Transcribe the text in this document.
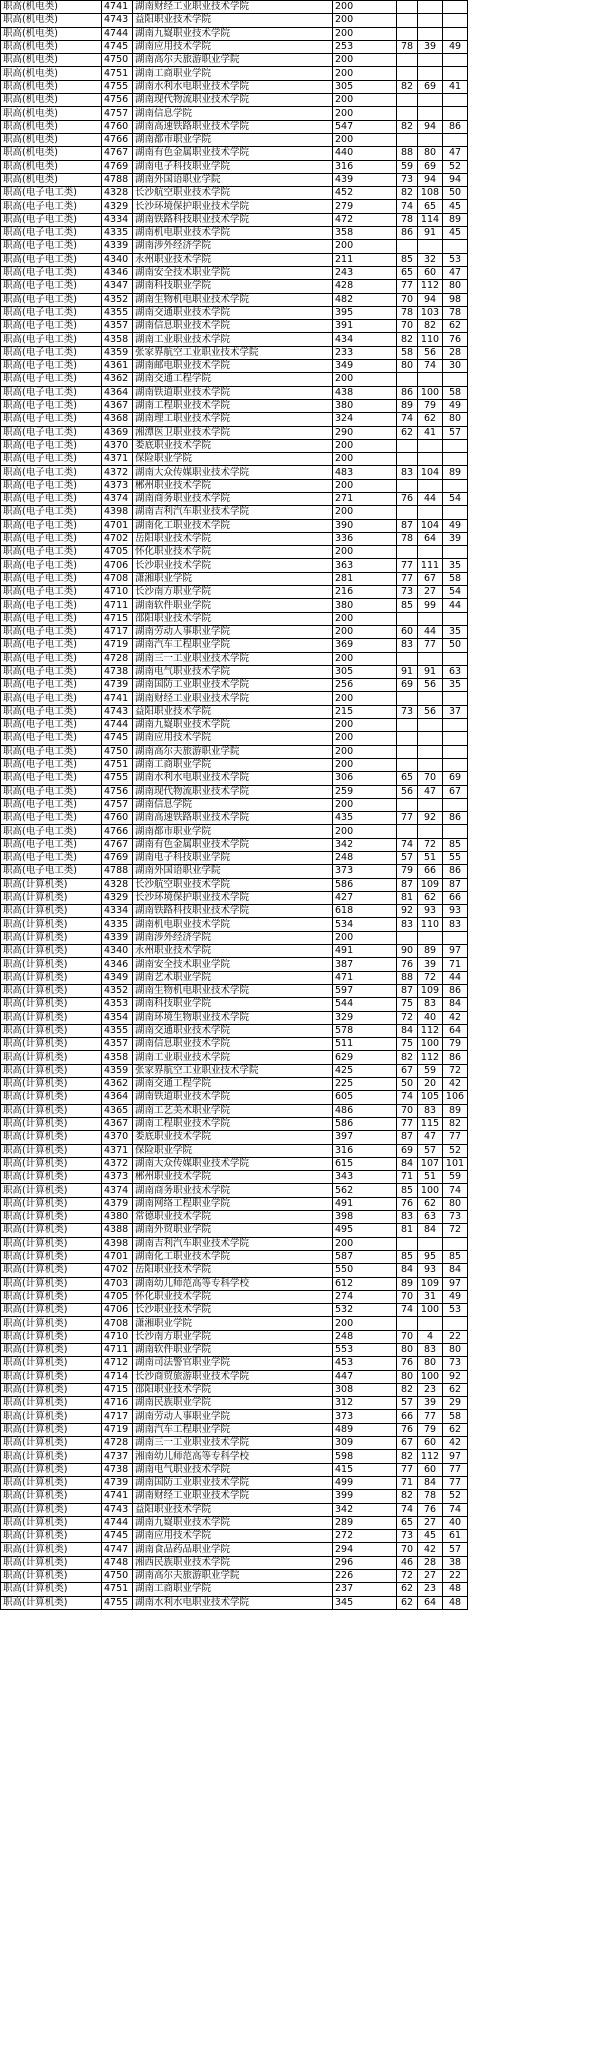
职高(机电类)	4741	湖南财经工业职业技术学院	200			
职高(机电类)	4743	益阳职业技术学院	200			
职高(机电类)	4744	湖南九嶷职业技术学院	200			
职高(机电类)	4745	湖南应用技术学院	253	78	39	49
职高(机电类)	4750	湖南高尔夫旅游职业学院	200			
职高(机电类)	4751	湖南工商职业学院	200			
职高(机电类)	4755	湖南水利水电职业技术学院	305	82	69	41
职高(机电类)	4756	湖南现代物流职业技术学院	200			
职高(机电类)	4757	湖南信息学院	200			
职高(机电类)	4760	湖南高速铁路职业技术学院	547	82	94	86
职高(机电类)	4766	湖南都市职业学院	200			
职高(机电类)	4767	湖南有色金属职业技术学院	440	88	80	47
职高(机电类)	4769	湖南电子科技职业学院	316	59	69	52
职高(机电类)	4788	湖南外国语职业学院	439	73	94	94
职高(电子电工类)	4328	长沙航空职业技术学院	452	82	108	50
职高(电子电工类)	4329	长沙环境保护职业技术学院	279	74	65	45
职高(电子电工类)	4334	湖南铁路科技职业技术学院	472	78	114	89
职高(电子电工类)	4335	湖南机电职业技术学院	358	86	91	45
职高(电子电工类)	4339	湖南涉外经济学院	200			
职高(电子电工类)	4340	永州职业技术学院	211	85	32	53
职高(电子电工类)	4346	湖南安全技术职业学院	243	65	60	47
职高(电子电工类)	4347	湖南科技职业学院	428	77	112	80
职高(电子电工类)	4352	湖南生物机电职业技术学院	482	70	94	98
职高(电子电工类)	4355	湖南交通职业技术学院	395	78	103	78
职高(电子电工类)	4357	湖南信息职业技术学院	391	70	82	62
职高(电子电工类)	4358	湖南工业职业技术学院	434	82	110	76
职高(电子电工类)	4359	张家界航空工业职业技术学院	233	58	56	28
职高(电子电工类)	4361	湖南邮电职业技术学院	349	80	74	30
职高(电子电工类)	4362	湖南交通工程学院	200			
职高(电子电工类)	4364	湖南铁道职业技术学院	438	86	100	58
职高(电子电工类)	4367	湖南工程职业技术学院	380	89	79	49
职高(电子电工类)	4368	湖南理工职业技术学院	324	74	62	80
职高(电子电工类)	4369	湘潭医卫职业技术学院	290	62	41	57
职高(电子电工类)	4370	娄底职业技术学院	200			
职高(电子电工类)	4371	保险职业学院	200			
职高(电子电工类)	4372	湖南大众传媒职业技术学院	483	83	104	89
职高(电子电工类)	4373	郴州职业技术学院	200			
职高(电子电工类)	4374	湖南商务职业技术学院	271	76	44	54
职高(电子电工类)	4398	湖南吉利汽车职业技术学院	200			
职高(电子电工类)	4701	湖南化工职业技术学院	390	87	104	49
职高(电子电工类)	4702	岳阳职业技术学院	336	78	64	39
职高(电子电工类)	4705	怀化职业技术学院	200			
职高(电子电工类)	4706	长沙职业技术学院	363	77	111	35
职高(电子电工类)	4708	潇湘职业学院	281	77	67	58
职高(电子电工类)	4710	长沙南方职业学院	216	73	27	54
职高(电子电工类)	4711	湖南软件职业学院	380	85	99	44
职高(电子电工类)	4715	邵阳职业技术学院	200			
职高(电子电工类)	4717	湖南劳动人事职业学院	200	60	44	35
职高(电子电工类)	4719	湖南汽车工程职业学院	369	83	77	50
职高(电子电工类)	4728	湖南三一工业职业技术学院	200			
职高(电子电工类)	4738	湖南电气职业技术学院	305	91	91	63
职高(电子电工类)	4739	湖南国防工业职业技术学院	256	69	56	35
职高(电子电工类)	4741	湖南财经工业职业技术学院	200			
职高(电子电工类)	4743	益阳职业技术学院	215	73	56	37
职高(电子电工类)	4744	湖南九嶷职业技术学院	200			
职高(电子电工类)	4745	湖南应用技术学院	200			
职高(电子电工类)	4750	湖南高尔夫旅游职业学院	200			
职高(电子电工类)	4751	湖南工商职业学院	200			
职高(电子电工类)	4755	湖南水利水电职业技术学院	306	65	70	69
职高(电子电工类)	4756	湖南现代物流职业技术学院	259	56	47	67
职高(电子电工类)	4757	湖南信息学院	200			
职高(电子电工类)	4760	湖南高速铁路职业技术学院	435	77	92	86
职高(电子电工类)	4766	湖南都市职业学院	200			
职高(电子电工类)	4767	湖南有色金属职业技术学院	342	74	72	85
职高(电子电工类)	4769	湖南电子科技职业学院	248	57	51	55
职高(电子电工类)	4788	湖南外国语职业学院	373	79	66	86
职高(计算机类)	4328	长沙航空职业技术学院	586	87	109	87
职高(计算机类)	4329	长沙环境保护职业技术学院	427	81	62	66
职高(计算机类)	4334	湖南铁路科技职业技术学院	618	92	93	93
职高(计算机类)	4335	湖南机电职业技术学院	534	83	110	83
职高(计算机类)	4339	湖南涉外经济学院	200			
职高(计算机类)	4340	永州职业技术学院	491	90	89	97
职高(计算机类)	4346	湖南安全技术职业学院	387	76	39	71
职高(计算机类)	4349	湖南艺术职业学院	471	88	72	44
职高(计算机类)	4352	湖南生物机电职业技术学院	597	87	109	86
职高(计算机类)	4353	湖南科技职业学院	544	75	83	84
职高(计算机类)	4354	湖南环境生物职业技术学院	329	72	40	42
职高(计算机类)	4355	湖南交通职业技术学院	578	84	112	64
职高(计算机类)	4357	湖南信息职业技术学院	511	75	100	79
职高(计算机类)	4358	湖南工业职业技术学院	629	82	112	86
职高(计算机类)	4359	张家界航空工业职业技术学院	425	67	59	72
职高(计算机类)	4362	湖南交通工程学院	225	50	20	42
职高(计算机类)	4364	湖南铁道职业技术学院	605	74	105	106
职高(计算机类)	4365	湖南工艺美术职业学院	486	70	83	89
职高(计算机类)	4367	湖南工程职业技术学院	586	77	115	82
职高(计算机类)	4370	娄底职业技术学院	397	87	47	77
职高(计算机类)	4371	保险职业学院	316	69	57	52
职高(计算机类)	4372	湖南大众传媒职业技术学院	615	84	107	101
职高(计算机类)	4373	郴州职业技术学院	343	71	51	59
职高(计算机类)	4374	湖南商务职业技术学院	562	85	100	74
职高(计算机类)	4379	湖南网络工程职业学院	491	76	62	80
职高(计算机类)	4380	常德职业技术学院	398	83	63	73
职高(计算机类)	4388	湖南外贸职业学院	495	81	84	72
职高(计算机类)	4398	湖南吉利汽车职业技术学院	200			
职高(计算机类)	4701	湖南化工职业技术学院	587	85	95	85
职高(计算机类)	4702	岳阳职业技术学院	550	84	93	84
职高(计算机类)	4703	湖南幼儿师范高等专科学校	612	89	109	97
职高(计算机类)	4705	怀化职业技术学院	274	70	31	49
职高(计算机类)	4706	长沙职业技术学院	532	74	100	53
职高(计算机类)	4708	潇湘职业学院	200			
职高(计算机类)	4710	长沙南方职业学院	248	70	4	22
职高(计算机类)	4711	湖南软件职业学院	553	80	83	80
职高(计算机类)	4712	湖南司法警官职业学院	453	76	80	73
职高(计算机类)	4714	长沙商贸旅游职业技术学院	447	80	100	92
职高(计算机类)	4715	邵阳职业技术学院	308	82	23	62
职高(计算机类)	4716	湖南民族职业学院	312	57	39	29
职高(计算机类)	4717	湖南劳动人事职业学院	373	66	77	58
职高(计算机类)	4719	湖南汽车工程职业学院	489	76	79	62
职高(计算机类)	4728	湖南三一工业职业技术学院	309	67	60	42
职高(计算机类)	4737	湘南幼儿师范高等专科学校	598	82	112	97
职高(计算机类)	4738	湖南电气职业技术学院	415	77	60	77
职高(计算机类)	4739	湖南国防工业职业技术学院	499	71	84	77
职高(计算机类)	4741	湖南财经工业职业技术学院	399	82	78	52
职高(计算机类)	4743	益阳职业技术学院	342	74	76	74
职高(计算机类)	4744	湖南九嶷职业技术学院	289	65	27	40
职高(计算机类)	4745	湖南应用技术学院	272	73	45	61
职高(计算机类)	4747	湖南食品药品职业学院	294	70	42	57
职高(计算机类)	4748	湘西民族职业技术学院	296	46	28	38
职高(计算机类)	4750	湖南高尔夫旅游职业学院	226	72	27	22
职高(计算机类)	4751	湖南工商职业学院	237	62	23	48
职高(计算机类)	4755	湖南水利水电职业技术学院	345	62	64	48
